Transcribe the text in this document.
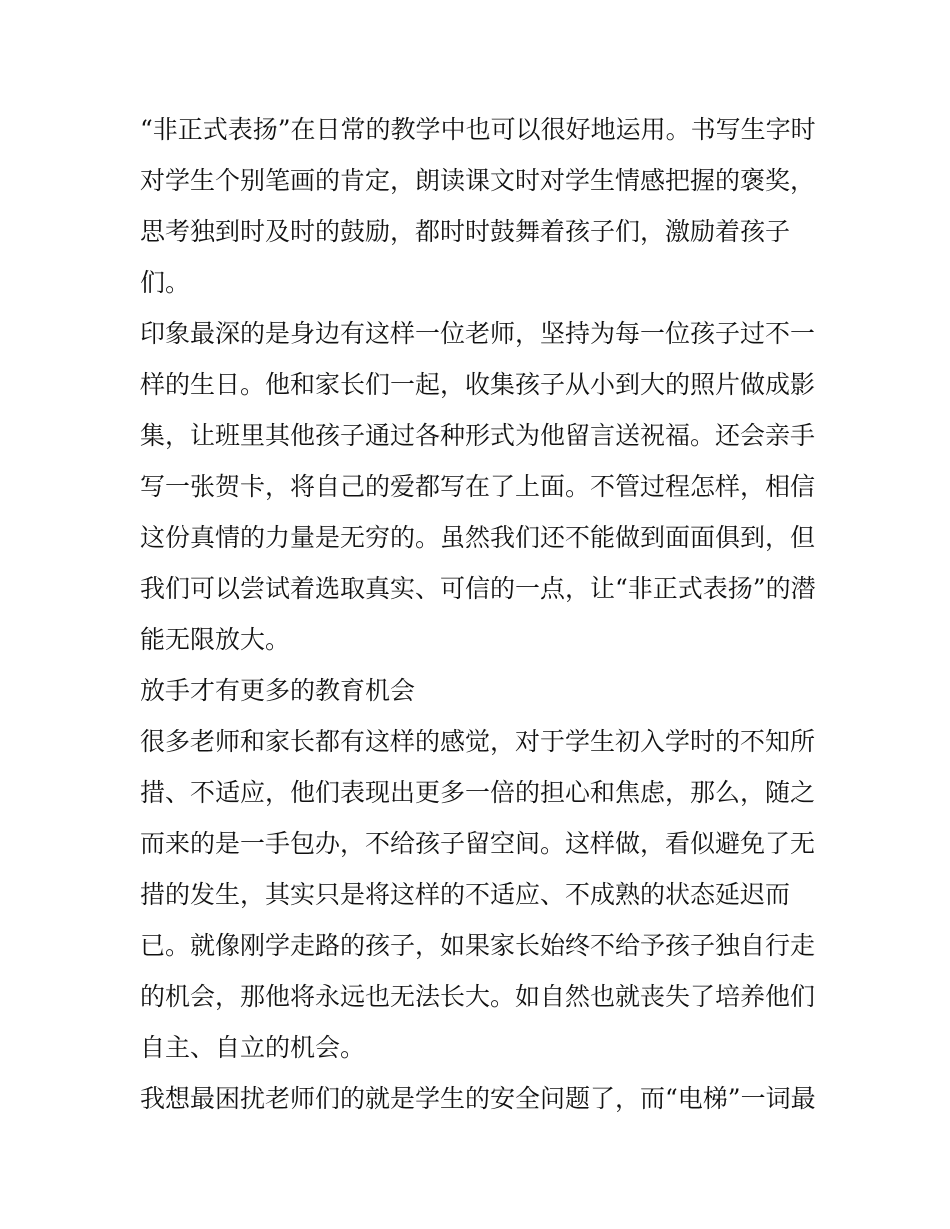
“非正式表扬”在日常的教学中也可以很好地运用。书写生字时
对学生个别笔画的肯定，朗读课文时对学生情感把握的褒奖，
思考独到时及时的鼓励，都时时鼓舞着孩子们，激励着孩子
们。
印象最深的是身边有这样一位老师，坚持为每一位孩子过不一
样的生日。他和家长们一起，收集孩子从小到大的照片做成影
集，让班里其他孩子通过各种形式为他留言送祝福。还会亲手
写一张贺卡，将自己的爱都写在了上面。不管过程怎样，相信
这份真情的力量是无穷的。虽然我们还不能做到面面俱到，但
我们可以尝试着选取真实、可信的一点，让“非正式表扬”的潜
能无限放大。
放手才有更多的教育机会
很多老师和家长都有这样的感觉，对于学生初入学时的不知所
措、不适应，他们表现出更多一倍的担心和焦虑，那么，随之
而来的是一手包办，不给孩子留空间。这样做，看似避免了无
措的发生，其实只是将这样的不适应、不成熟的状态延迟而
已。就像刚学走路的孩子，如果家长始终不给予孩子独自行走
的机会，那他将永远也无法长大。如自然也就丧失了培养他们
自主、自立的机会。
我想最困扰老师们的就是学生的安全问题了，而“电梯”一词最
